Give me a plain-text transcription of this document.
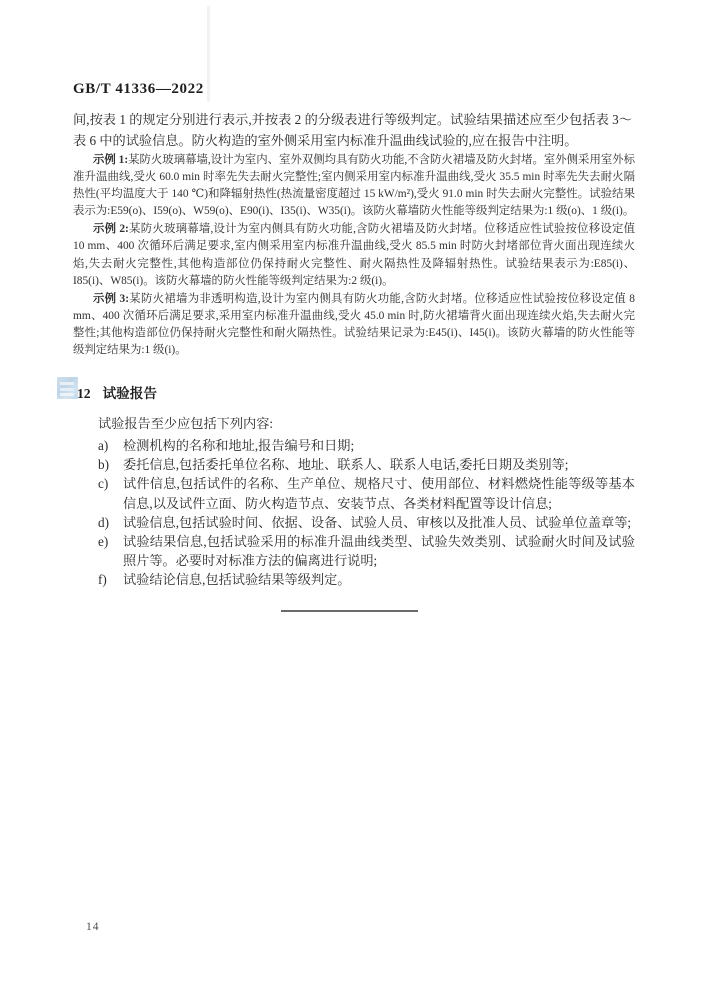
GB/T 41336—2022
间,按表 1 的规定分别进行表示,并按表 2 的分级表进行等级判定。试验结果描述应至少包括表 3～表 6 中的试验信息。防火构造的室外侧采用室内标准升温曲线试验的,应在报告中注明。

示例 1:某防火玻璃幕墙,设计为室内、室外双侧均具有防火功能,不含防火裙墙及防火封堵。室外侧采用室外标准升温曲线,受火 60.0 min 时率先失去耐火完整性;室内侧采用室内标准升温曲线,受火 35.5 min 时率先失去耐火隔热性(平均温度大于 140 ℃)和降辐射热性(热流量密度超过 15 kW/m²),受火 91.0 min 时失去耐火完整性。试验结果表示为:E59(o)、I59(o)、W59(o)、E90(i)、I35(i)、W35(i)。该防火幕墙防火性能等级判定结果为:1 级(o)、1 级(i)。

示例 2:某防火玻璃幕墙,设计为室内侧具有防火功能,含防火裙墙及防火封堵。位移适应性试验按位移设定值 10 mm、400 次循环后满足要求,室内侧采用室内标准升温曲线,受火 85.5 min 时防火封堵部位背火面出现连续火焰,失去耐火完整性,其他构造部位仍保持耐火完整性、耐火隔热性及降辐射热性。试验结果表示为:E85(i)、I85(i)、W85(i)。该防火幕墙的防火性能等级判定结果为:2 级(i)。

示例 3:某防火裙墙为非透明构造,设计为室内侧具有防火功能,含防火封堵。位移适应性试验按位移设定值 8 mm、400 次循环后满足要求,采用室内标准升温曲线,受火 45.0 min 时,防火裙墙背火面出现连续火焰,失去耐火完整性;其他构造部位仍保持耐火完整性和耐火隔热性。试验结果记录为:E45(i)、I45(i)。该防火幕墙的防火性能等级判定结果为:1 级(i)。

12 试验报告
试验报告至少应包括下列内容:
a)	检测机构的名称和地址,报告编号和日期;
b)	委托信息,包括委托单位名称、地址、联系人、联系人电话,委托日期及类别等;
c)	试件信息,包括试件的名称、生产单位、规格尺寸、使用部位、材料燃烧性能等级等基本信息,以及试件立面、防火构造节点、安装节点、各类材料配置等设计信息;
d)	试验信息,包括试验时间、依据、设备、试验人员、审核以及批准人员、试验单位盖章等;
e)	试验结果信息,包括试验采用的标准升温曲线类型、试验失效类别、试验耐火时间及试验照片等。必要时对标准方法的偏离进行说明;
f)	试验结论信息,包括试验结果等级判定。
14
